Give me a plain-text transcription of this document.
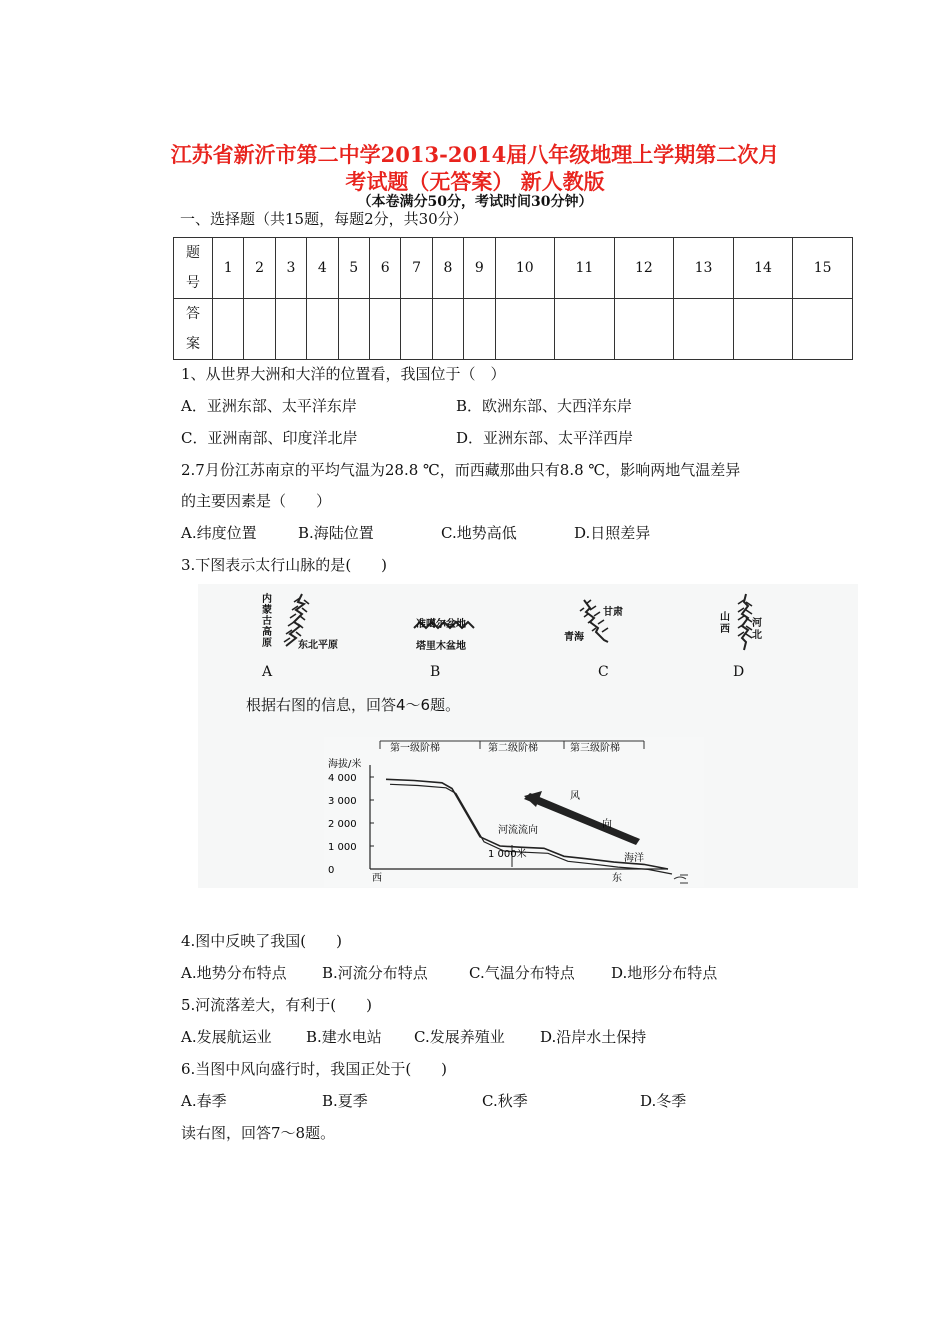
江苏省新沂市第二中学2013-2014届八年级地理上学期第二次月
考试题（无答案） 新人教版
（本卷满分50分，考试时间30分钟）
一、选择题（共15题，每题2分，共30分）
题
号	1	2	3	4	5	6	7	8	9	10	11	12	13	14	15
答
案															
1、从世界大洲和大洋的位置看，我国位于（　）
A．亚洲东部、太平洋东岸	B．欧洲东部、大西洋东岸
C．亚洲南部、印度洋北岸	D．亚洲东部、太平洋西岸
2.7月份江苏南京的平均气温为28.8 ℃，而西藏那曲只有8.8 ℃，影响两地气温差异
的主要因素是（　　）
A.纬度位置	B.海陆位置	C.地势高低	D.日照差异
3.下图表示太行山脉的是(　　)
内蒙古高原	东北平原
准噶尔盆地
塔里木盆地
甘肃
青海
山西
河北
A	B	C	D
根据右图的信息，回答4～6题。
第一级阶梯	第二级阶梯	第三级阶梯
海拔/米
4 000
3 000
2 000
1 000
0
风
向
河流流向
1 000米	海洋
西	东
4.图中反映了我国(　　)
A.地势分布特点 B.河流分布特点	C.气温分布特点 D.地形分布特点
5.河流落差大，有利于(　　)
A.发展航运业 B.建水电站 C.发展养殖业 D.沿岸水土保持
6.当图中风向盛行时，我国正处于(　　)
A.春季	B.夏季	C.秋季	D.冬季
读右图，回答7～8题。
